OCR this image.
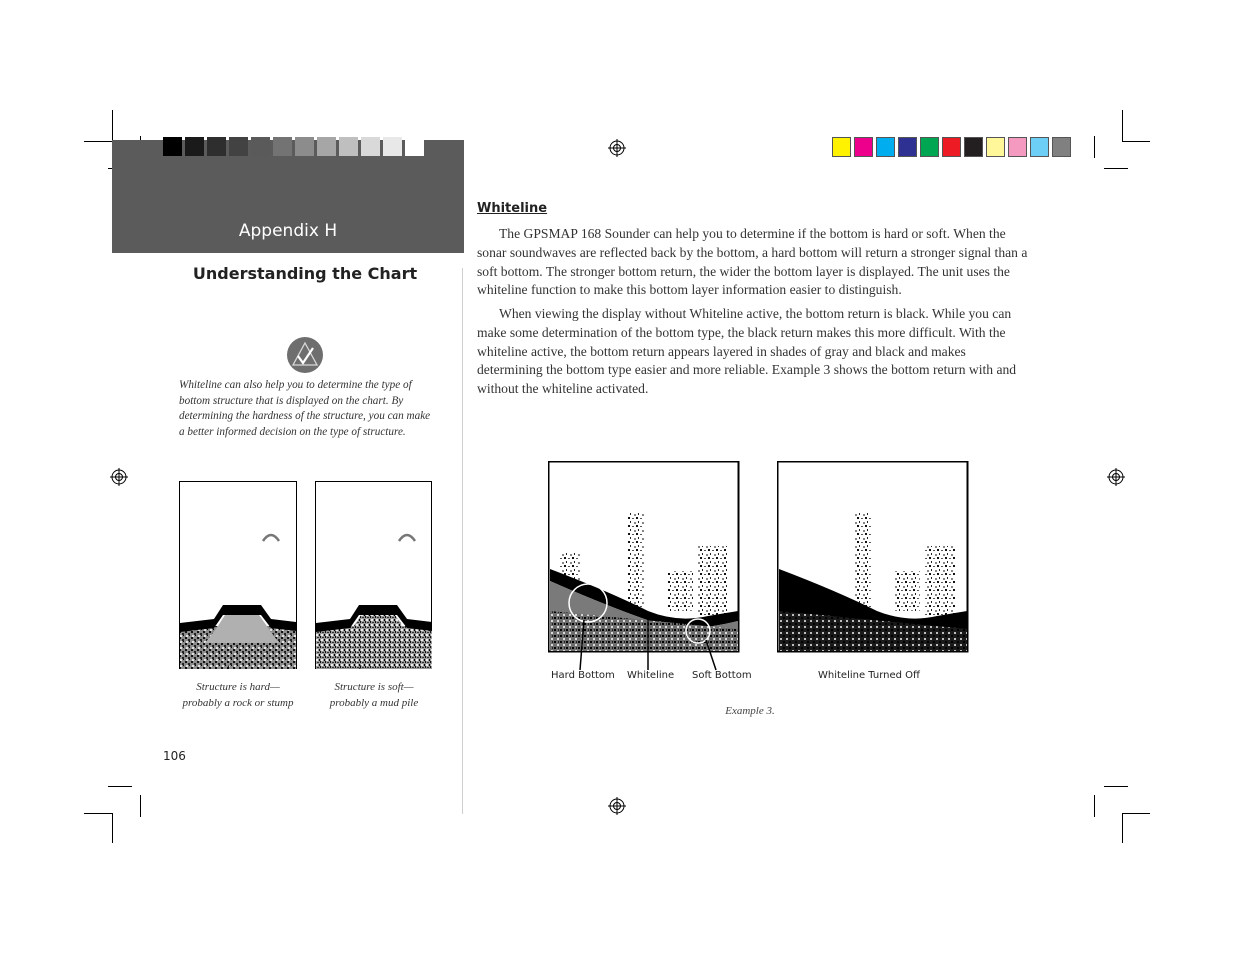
Appendix H
Understanding the Chart
Whiteline can also help you to determine the type of bottom structure that is displayed on the chart. By determining the hardness of the structure, you can make a better informed decision on the type of structure.
Structure is hard—
probably a rock or stump
Structure is soft—
probably a mud pile
106
Whiteline
The GPSMAP 168 Sounder can help you to determine if the bottom is hard or soft. When the sonar soundwaves are reflected back by the bottom, a hard bottom will return a stronger signal than a soft bottom. The stronger bottom return, the wider the bottom layer is displayed. The unit uses the whiteline function to make this bottom layer information easier to distinguish.
When viewing the display without Whiteline active, the bottom return is black. While you can make some determination of the bottom type, the black return makes this more difficult. With the whiteline active, the bottom return appears layered in shades of gray and black and makes determining the bottom type easier and more reliable. Example 3 shows the bottom return with and without the whiteline activated.
Hard Bottom Whiteline Soft Bottom	Whiteline Turned Off
Example 3.
